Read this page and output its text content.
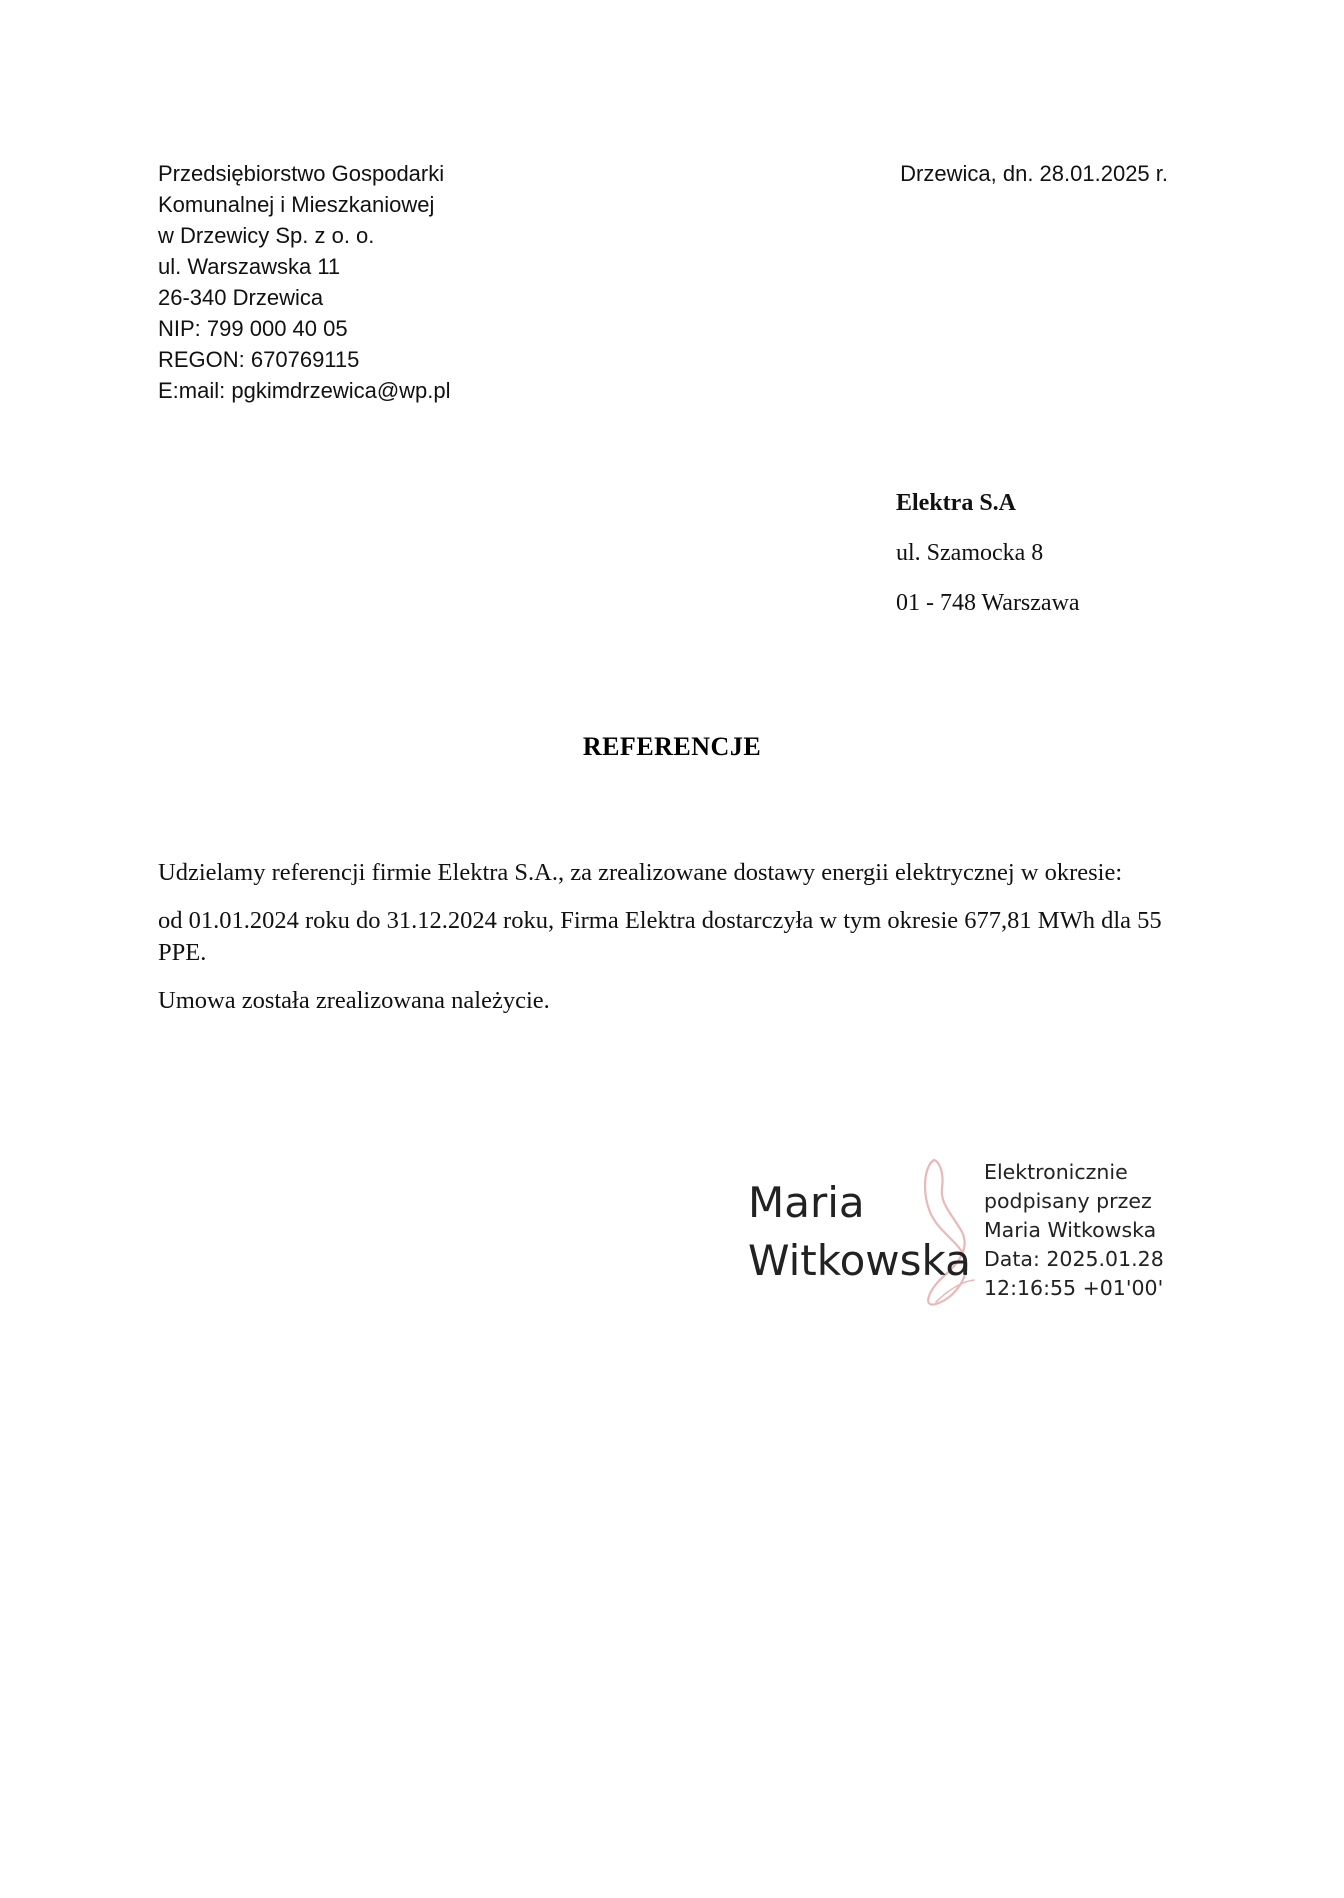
Przedsiębiorstwo Gospodarki
Komunalnej i Mieszkaniowej
w Drzewicy Sp. z o. o.
ul. Warszawska 11
26-340 Drzewica
NIP: 799 000 40 05
REGON: 670769115
E:mail: pgkimdrzewica@wp.pl
Drzewica, dn. 28.01.2025 r.
Elektra S.A
ul. Szamocka 8
01 - 748 Warszawa
REFERENCJE

Udzielamy referencji firmie Elektra S.A., za zrealizowane dostawy energii elektrycznej w okresie:

od 01.01.2024 roku do 31.12.2024 roku, Firma Elektra dostarczyła w tym okresie 677,81 MWh dla 55 PPE.

Umowa została zrealizowana należycie.

Maria
Witkowska
Elektronicznie
podpisany przez
Maria Witkowska
Data: 2025.01.28
12:16:55 +01'00'
